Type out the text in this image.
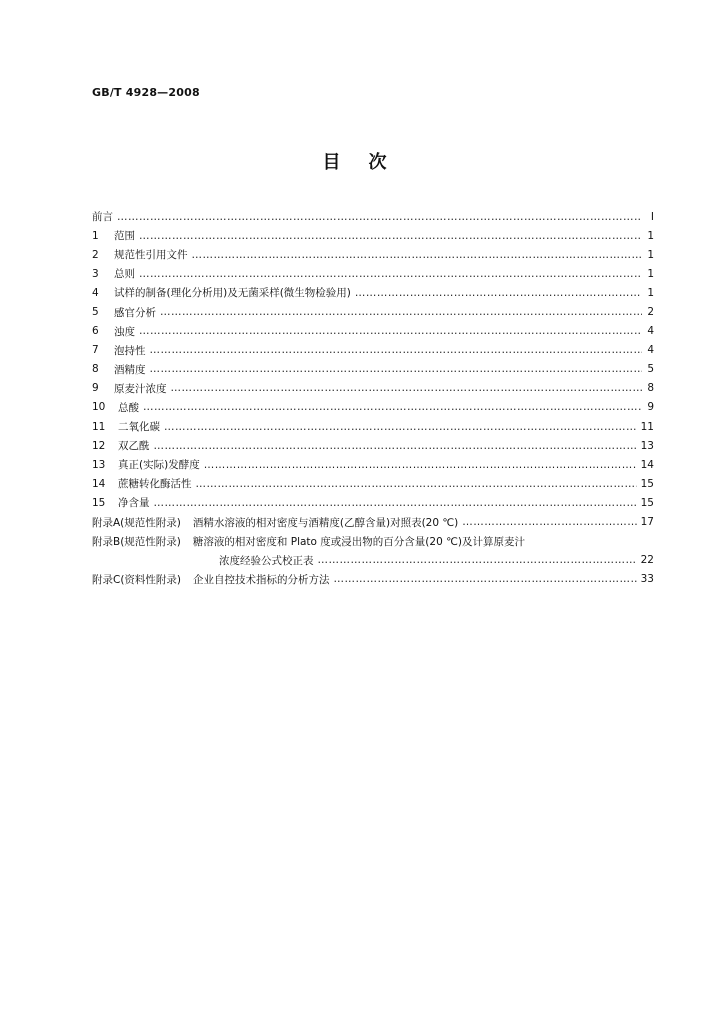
GB/T 4928—2008
目次
前言 ………………………………………………………………………………………………………………………………………………………………………………	Ⅰ
1	范围 ………………………………………………………………………………………………………………………………………………………………………………	1
2	规范性引用文件 ………………………………………………………………………………………………………………………………………………………………………………	1
3	总则 ………………………………………………………………………………………………………………………………………………………………………………	1
4	试样的制备(理化分析用)及无菌采样(微生物检验用) ………………………………………………………………………………………………………………………………………………………………………………	1
5	感官分析 ………………………………………………………………………………………………………………………………………………………………………………	2
6	浊度 ………………………………………………………………………………………………………………………………………………………………………………	4
7	泡持性 ………………………………………………………………………………………………………………………………………………………………………………	4
8	酒精度 ………………………………………………………………………………………………………………………………………………………………………………	5
9	原麦汁浓度 ………………………………………………………………………………………………………………………………………………………………………………	8
10	总酸 ………………………………………………………………………………………………………………………………………………………………………………	9
11	二氧化碳 ………………………………………………………………………………………………………………………………………………………………………………	11
12	双乙酰 ………………………………………………………………………………………………………………………………………………………………………………	13
13	真正(实际)发酵度 ………………………………………………………………………………………………………………………………………………………………………………	14
14	蔗糖转化酶活性 ………………………………………………………………………………………………………………………………………………………………………………	15
15	净含量 ………………………………………………………………………………………………………………………………………………………………………………	15
附录A(规范性附录) 酒精水溶液的相对密度与酒精度(乙醇含量)对照表(20 ℃) ………………………………………………………………………………………………………………………………………………………………………………	17
附录B(规范性附录) 糖溶液的相对密度和 Plato 度或浸出物的百分含量(20 ℃)及计算原麦汁
浓度经验公式校正表 ………………………………………………………………………………………………………………………………………………………………………………	22
附录C(资料性附录) 企业自控技术指标的分析方法 ………………………………………………………………………………………………………………………………………………………………………………	33
